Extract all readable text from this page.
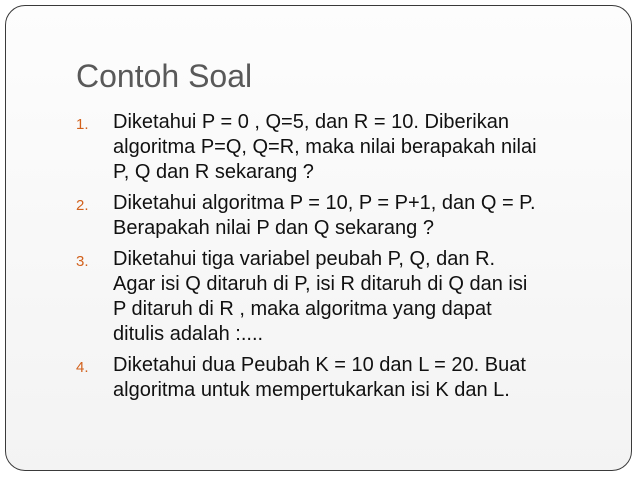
Contoh Soal
1.	Diketahui P = 0 , Q=5, dan R = 10. Diberikan
algoritma P=Q, Q=R, maka nilai berapakah nilai
P, Q dan R sekarang ?
2.	Diketahui algoritma P = 10, P = P+1, dan Q = P.
Berapakah nilai P dan Q sekarang ?
3.	Diketahui tiga variabel peubah P, Q, dan R.
Agar isi Q ditaruh di P, isi R ditaruh di Q dan isi
P ditaruh di R , maka algoritma yang dapat
ditulis adalah :....
4.	Diketahui dua Peubah K = 10 dan L = 20. Buat
algoritma untuk mempertukarkan isi K dan L.
